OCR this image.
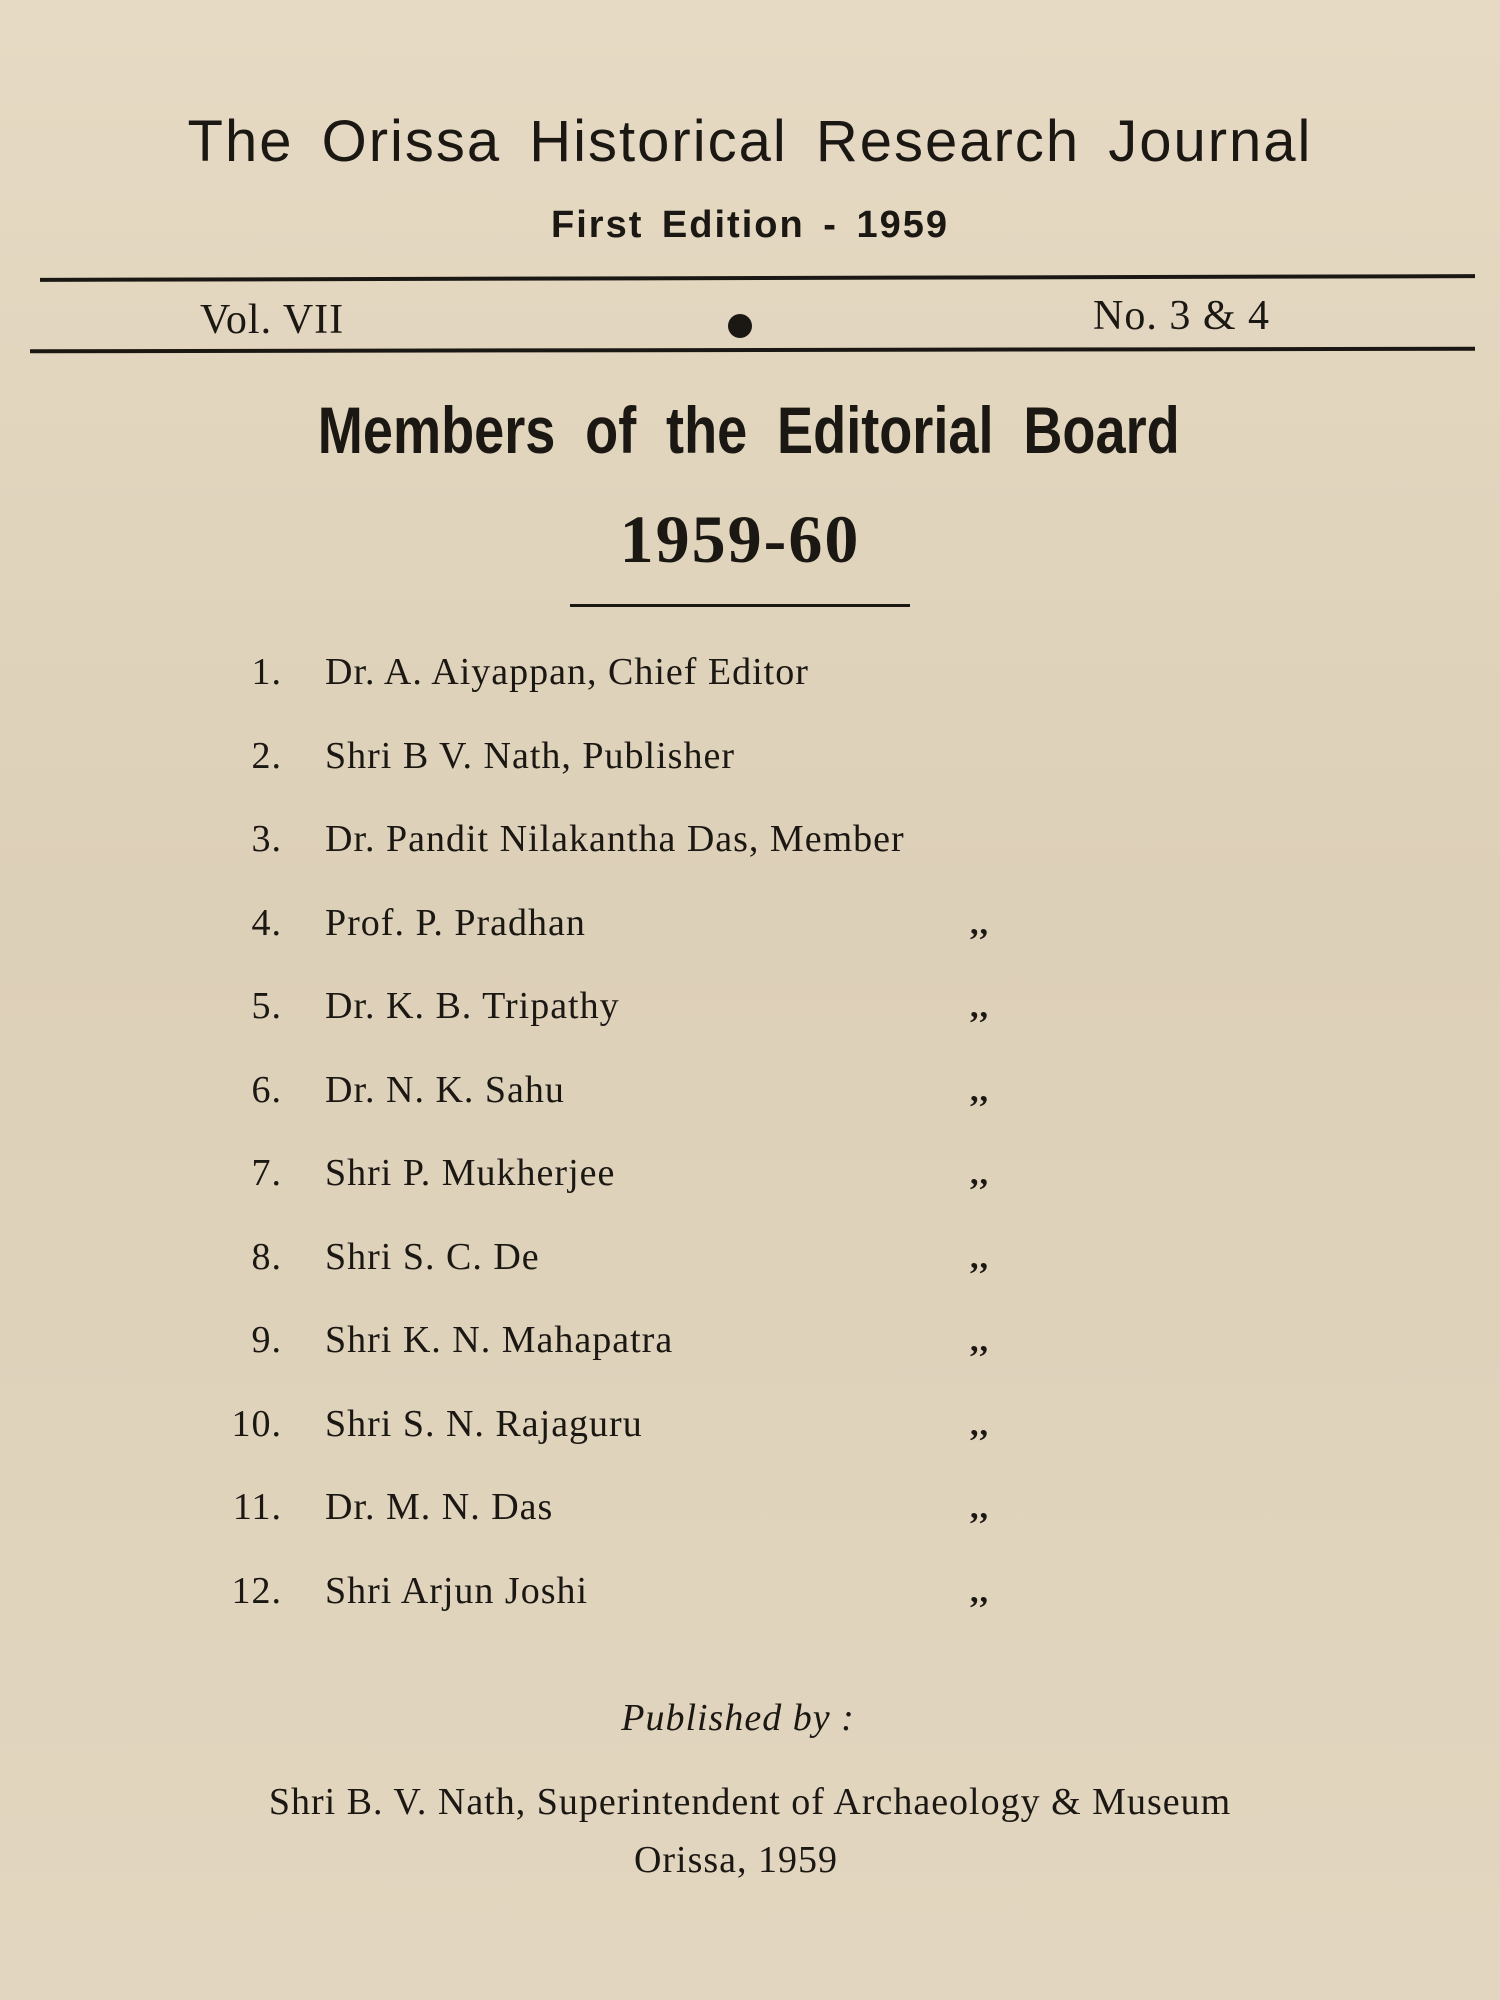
The Orissa Historical Research Journal
First Edition - 1959
Vol. VII	No. 3 & 4
Members of the Editorial Board
1959-60
1. Dr. A. Aiyappan, Chief Editor
2. Shri B V. Nath, Publisher
3. Dr. Pandit Nilakantha Das, Member
4. Prof. P. Pradhan	,,
5. Dr. K. B. Tripathy	,,
6. Dr. N. K. Sahu	,,
7. Shri P. Mukherjee	,,
8. Shri S. C. De	,,
9. Shri K. N. Mahapatra	,,
10. Shri S. N. Rajaguru	,,
11. Dr. M. N. Das	,,
12. Shri Arjun Joshi	,,
Published by :
Shri B. V. Nath, Superintendent of Archaeology & Museum
Orissa, 1959
